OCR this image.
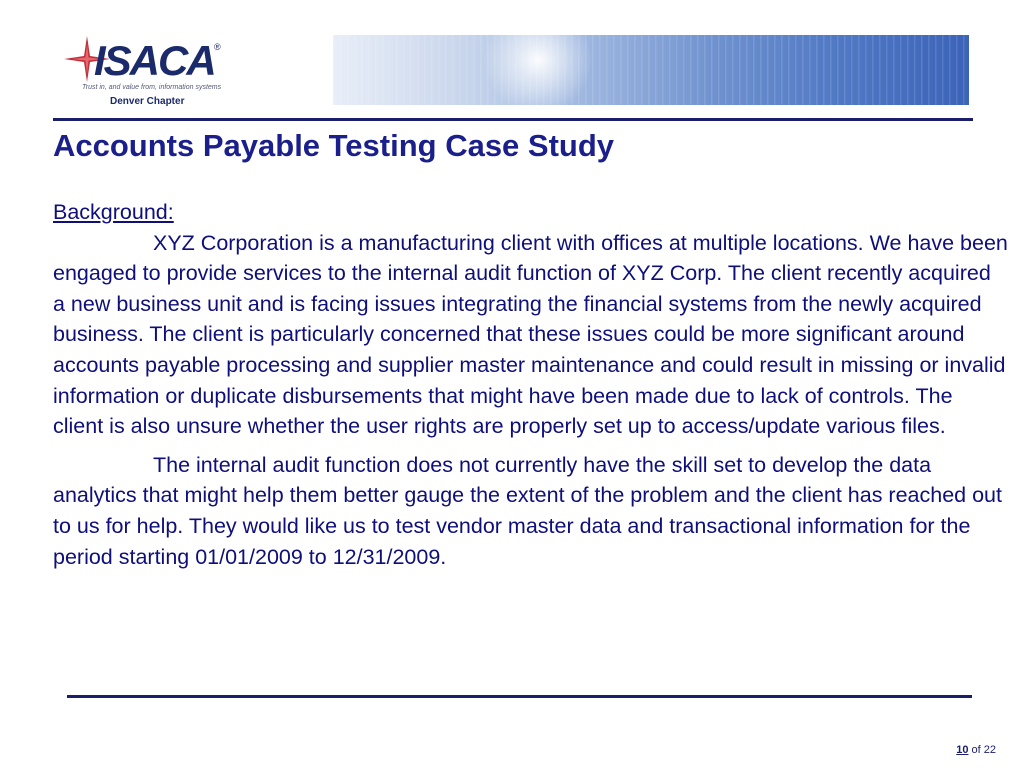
ISACA ®
Trust in, and value from, information systems
Denver Chapter
Accounts Payable Testing Case Study

Background:

XYZ Corporation is a manufacturing client with offices at multiple locations. We have been engaged to provide services to the internal audit function of XYZ Corp. The client recently acquired a new business unit and is facing issues integrating the financial systems from the newly acquired business. The client is particularly concerned that these issues could be more significant around accounts payable processing and supplier master maintenance and could result in missing or invalid information or duplicate disbursements that might have been made due to lack of controls. The client is also unsure whether the user rights are properly set up to access/update various files.

The internal audit function does not currently have the skill set to develop the data analytics that might help them better gauge the extent of the problem and the client has reached out to us for help. They would like us to test vendor master data and transactional information for the period starting 01/01/2009 to 12/31/2009.

10 of 22
